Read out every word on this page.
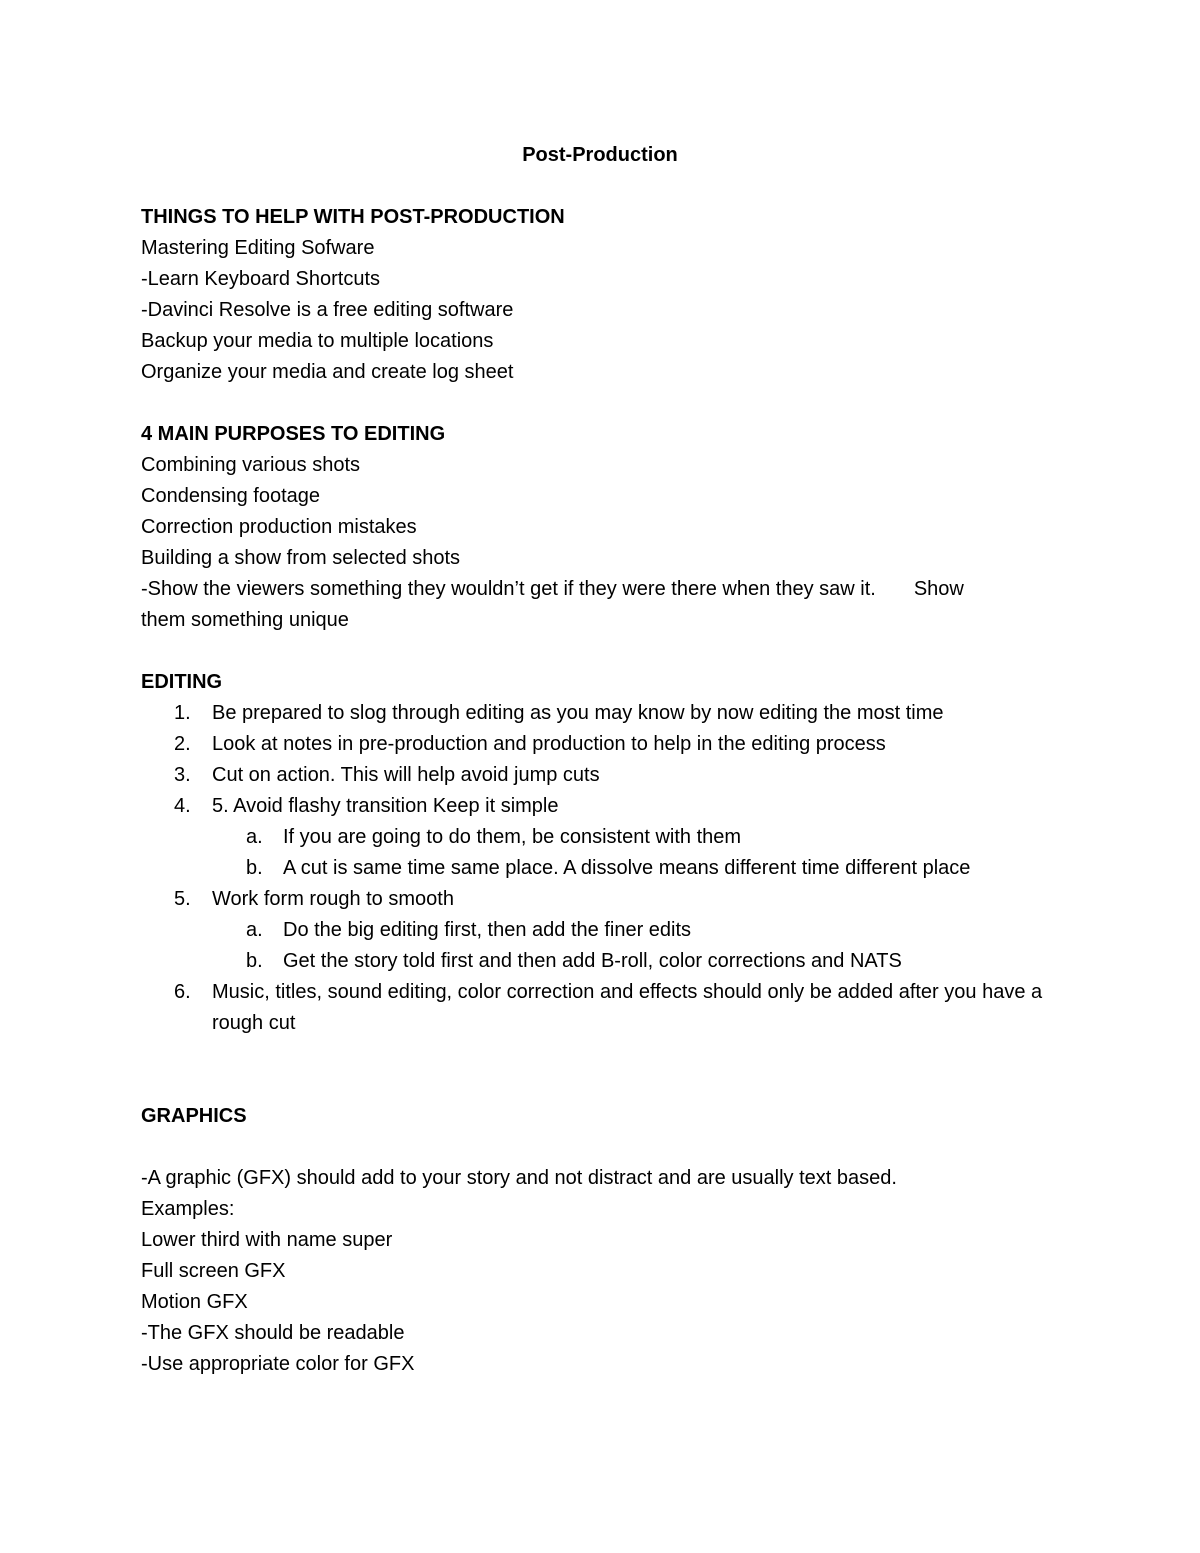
Post-Production
THINGS TO HELP WITH POST-PRODUCTION
Mastering Editing Sofware
-Learn Keyboard Shortcuts
-Davinci Resolve is a free editing software
Backup your media to multiple locations
Organize your media and create log sheet
4 MAIN PURPOSES TO EDITING
Combining various shots
Condensing footage
Correction production mistakes
Building a show from selected shots
-Show the viewers something they wouldn’t get if they were there when they saw it. Show
them something unique
EDITING
1. Be prepared to slog through editing as you may know by now editing the most time
2. Look at notes in pre-production and production to help in the editing process
3. Cut on action. This will help avoid jump cuts
4. 5. Avoid flashy transition Keep it simple
a. If you are going to do them, be consistent with them
b. A cut is same time same place. A dissolve means different time different place
5. Work form rough to smooth
a. Do the big editing first, then add the finer edits
b. Get the story told first and then add B-roll, color corrections and NATS
6. Music, titles, sound editing, color correction and effects should only be added after you have a rough cut
GRAPHICS
-A graphic (GFX) should add to your story and not distract and are usually text based.
Examples:
Lower third with name super
Full screen GFX
Motion GFX
-The GFX should be readable
-Use appropriate color for GFX
